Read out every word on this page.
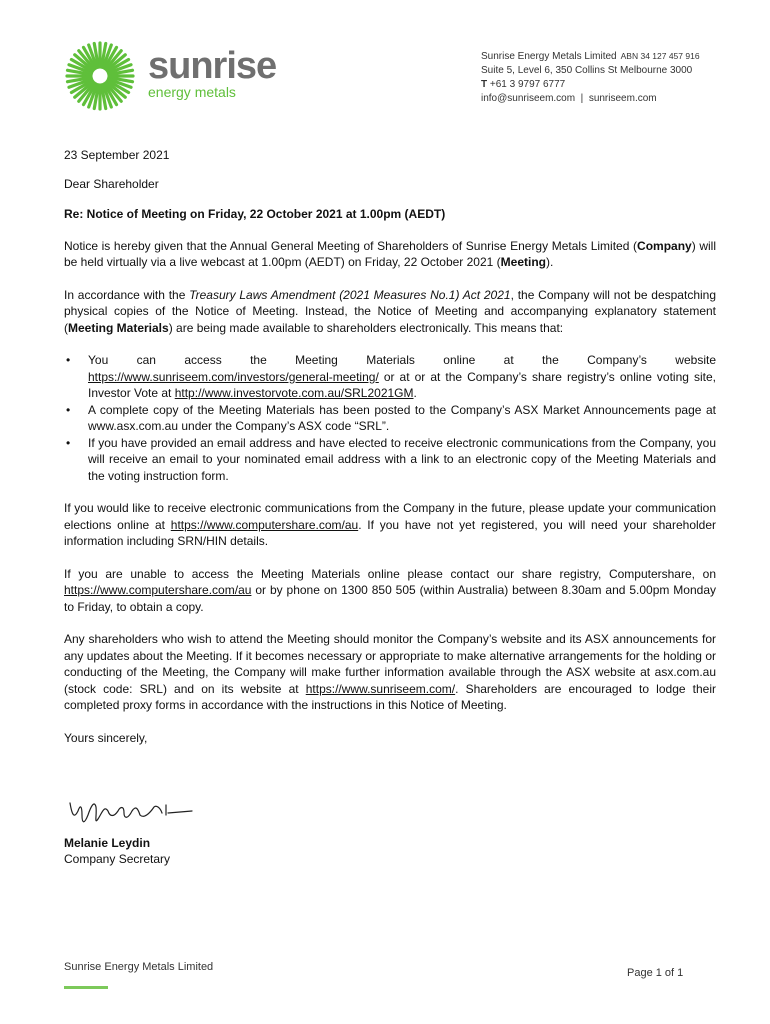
sunrise
energy metals
Sunrise Energy Metals Limited ABN 34 127 457 916
Suite 5, Level 6, 350 Collins St Melbourne 3000
T +61 3 9797 6777
info@sunriseem.com | sunriseem.com

23 September 2021

Dear Shareholder

Re: Notice of Meeting on Friday, 22 October 2021 at 1.00pm (AEDT)

Notice is hereby given that the Annual General Meeting of Shareholders of Sunrise Energy Metals Limited (Company) will be held virtually via a live webcast at 1.00pm (AEDT) on Friday, 22 October 2021 (Meeting).

In accordance with the Treasury Laws Amendment (2021 Measures No.1) Act 2021, the Company will not be despatching physical copies of the Notice of Meeting. Instead, the Notice of Meeting and accompanying explanatory statement (Meeting Materials) are being made available to shareholders electronically. This means that:

• You can access the Meeting Materials online at the Company’s website
https://www.sunriseem.com/investors/general-meeting/ or at or at the Company’s share registry’s online voting site, Investor Vote at http://www.investorvote.com.au/SRL2021GM.
• A complete copy of the Meeting Materials has been posted to the Company’s ASX Market Announcements page at www.asx.com.au under the Company’s ASX code “SRL”.
• If you have provided an email address and have elected to receive electronic communications from the Company, you will receive an email to your nominated email address with a link to an electronic copy of the Meeting Materials and the voting instruction form.

If you would like to receive electronic communications from the Company in the future, please update your communication elections online at https://www.computershare.com/au. If you have not yet registered, you will need your shareholder information including SRN/HIN details.

If you are unable to access the Meeting Materials online please contact our share registry, Computershare, on https://www.computershare.com/au or by phone on 1300 850 505 (within Australia) between 8.30am and 5.00pm Monday to Friday, to obtain a copy.

Any shareholders who wish to attend the Meeting should monitor the Company’s website and its ASX announcements for any updates about the Meeting. If it becomes necessary or appropriate to make alternative arrangements for the holding or conducting of the Meeting, the Company will make further information available through the ASX website at asx.com.au (stock code: SRL) and on its website at https://www.sunriseem.com/. Shareholders are encouraged to lodge their completed proxy forms in accordance with the instructions in this Notice of Meeting.

Yours sincerely,

Melanie Leydin
Company Secretary
Sunrise Energy Metals Limited	Page 1 of 1
